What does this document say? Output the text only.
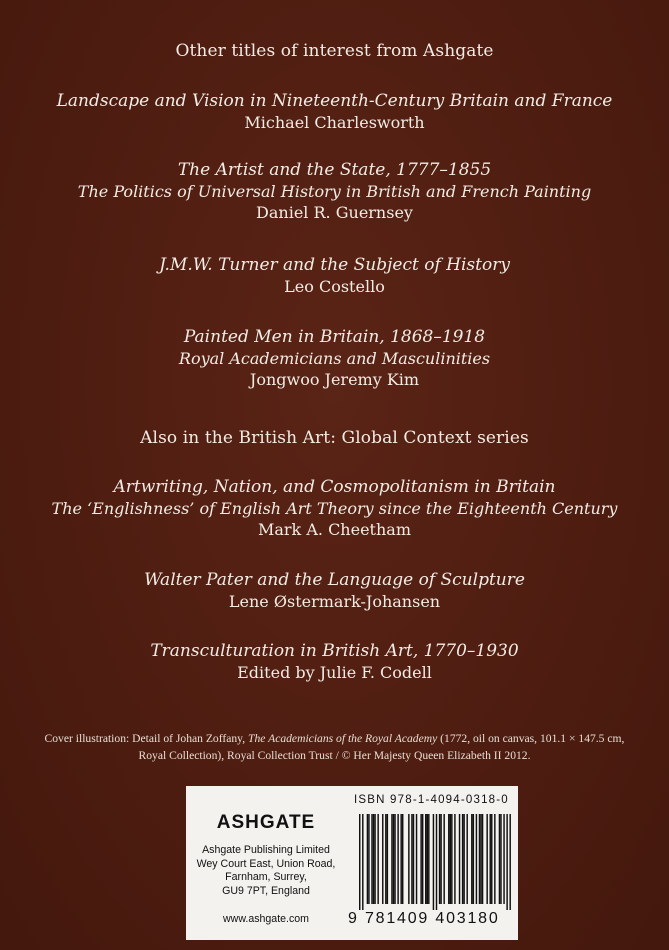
Other titles of interest from Ashgate
Landscape and Vision in Nineteenth-Century Britain and France
Michael Charlesworth
The Artist and the State, 1777–1855
The Politics of Universal History in British and French Painting
Daniel R. Guernsey
J.M.W. Turner and the Subject of History
Leo Costello
Painted Men in Britain, 1868–1918
Royal Academicians and Masculinities
Jongwoo Jeremy Kim
Also in the British Art: Global Context series
Artwriting, Nation, and Cosmopolitanism in Britain
The ‘Englishness’ of English Art Theory since the Eighteenth Century
Mark A. Cheetham
Walter Pater and the Language of Sculpture
Lene Østermark-Johansen
Transculturation in British Art, 1770–1930
Edited by Julie F. Codell
Cover illustration: Detail of Johan Zoffany, The Academicians of the Royal Academy (1772, oil on canvas, 101.1 × 147.5 cm,
Royal Collection), Royal Collection Trust / © Her Majesty Queen Elizabeth II 2012.
ASHGATE
Ashgate Publishing Limited
Wey Court East, Union Road,
Farnham, Surrey,
GU9 7PT, England
www.ashgate.com
ISBN 978-1-4094-0318-0
9 781409 403180
